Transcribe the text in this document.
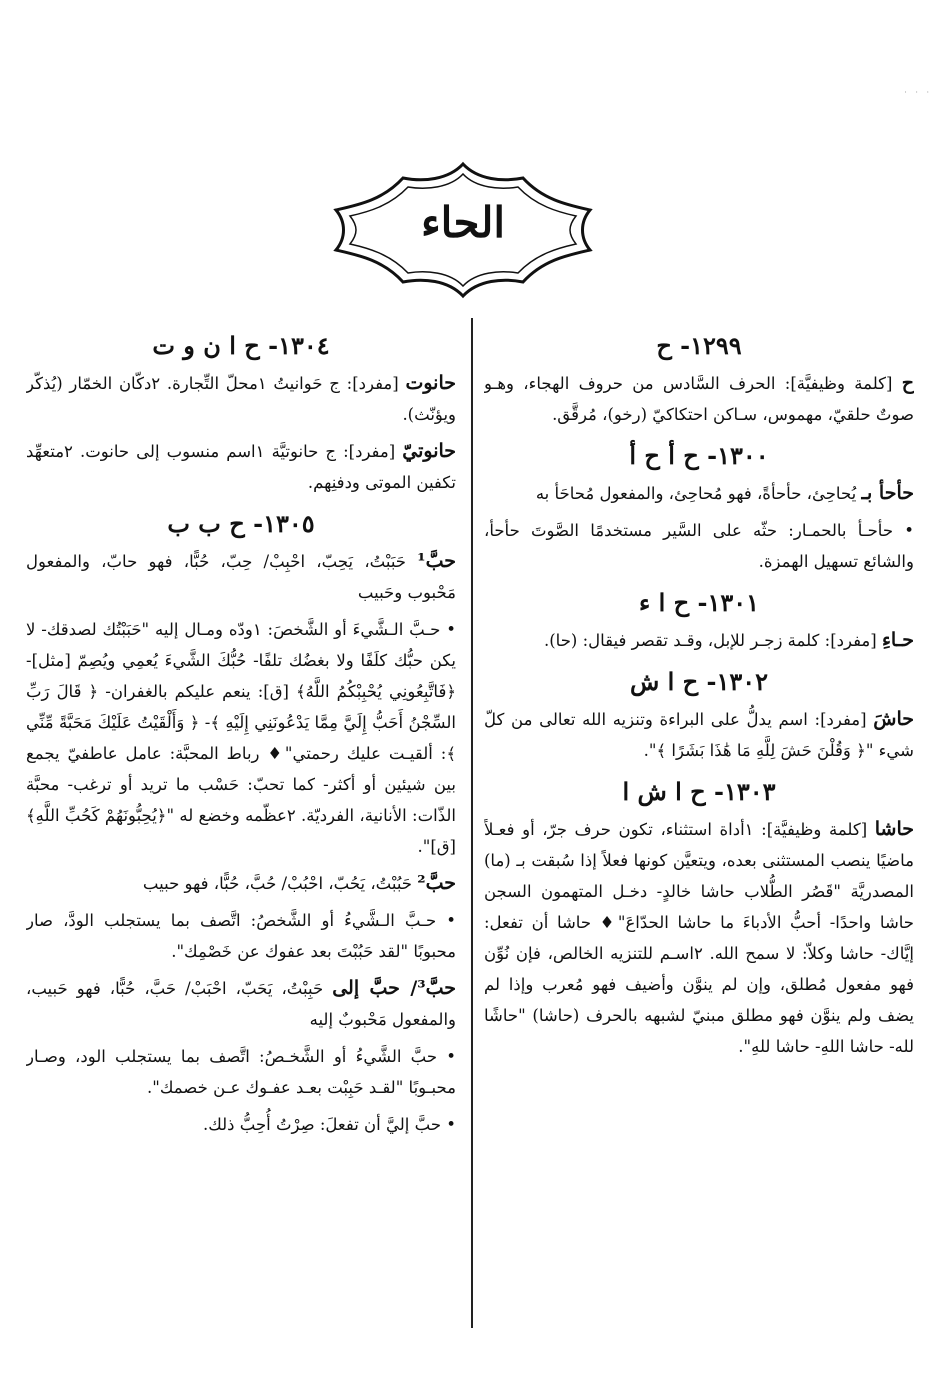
· · ·
الحاء
١٢٩٩- ح
ح [كلمة وظيفيَّة]: الحرف السَّادس من حروف الهجاء، وهـو صوتٌ حلقيّ، مهموس، سـاكن احتكاكيّ (رخو)، مُرقَّق.
١٣٠٠- ح أ ح أ
حأحأ بـ يُحاحِئ، حأحأةً، فهو مُحاحِئ، والمفعول مُحاحَأ به
• حأحـأ بالحمـار: حثّه على السَّير مستخدمًا الصَّوتَ حأحأ، والشائع تسهيل الهمزة.
١٣٠١- ح ا ء
حـاءِ [مفرد]: كلمة زجـر للإبل، وقـد تقصر فيقال: (حا).
١٣٠٢- ح ا ش
حاشَ [مفرد]: اسم يدلُّ على البراءة وتنزيه الله تعالى من كلّ شيء "﴿ وَقُلْنَ حَشَ لِلَّهِ مَا هَٰذَا بَشَرًا ﴾".
١٣٠٣- ح ا ش ا
حاشا [كلمة وظيفيَّة]: ١أداة استثناء، تكون حرف جرّ، أو فعـلاً ماضيًا ينصب المستثنى بعده، ويتعيَّن كونها فعلاً إذا سُبقت بـ (ما) المصدريَّة "قَصُر الطُّلاب حاشا خالدٍ- دخـل المتهمون السجن حاشا واحدًا- أحبُّ الأدباءَ ما حاشا الحدّاعَ"♦ حاشا أن تفعل: إيَّاك- حاشا وكلاّ: لا سمح الله. ٢اسـم للتنزيه الخالص، فإن نُوِّن فهو مفعول مُطلق، وإن لم ينوَّن وأضيف فهو مُعرب وإذا لم يضف ولم ينوَّن فهو مطلق مبنيّ لشبهه بالحرف (حاشا) "حاشًا لله- حاشا اللهِ- حاشا للهِ".
١٣٠٤- ح ا ن و ت
حانوت [مفرد]: ج حَوانيتُ ١محلّ التِّجارة. ٢دكّان الخمّار (يُذكّر ويؤنّث).
حانوتيّ [مفرد]: ج حانوتيَّة ١اسم منسوب إلى حانوت. ٢متعهِّد تكفين الموتى ودفنِهم.
١٣٠٥- ح ب ب
حبَّ¹ حَبَبْتُ، يَحِبّ، احْبِبْ/ حِبّ، حُبًّا، فهو حابّ، والمفعول مَحْبوب وحَبيب
• حـبَّ الـشَّيءَ أو الشَّخصَ: ١ودّه ومـال إليه "حَبَبْتُك لصدقك- لا يكن حبُّك كلَفًا ولا بغضُك تلفًا- حُبُّكَ الشَّيءَ يُعمِي ويُصِمّ [مثل]- ﴿فَاتَّبِعُونِي يُحْبِبْكُمُ اللَّهُ﴾ [ق]: ينعم عليكم بالغفران- ﴿ قَالَ رَبِّ السِّجْنُ أَحَبُّ إِلَيَّ مِمَّا يَدْعُونَنِي إِلَيْهِ ﴾- ﴿ وَأَلْقَيْتُ عَلَيْكَ مَحَبَّةً مِّنِّي ﴾: ألقيـت عليك رحمتي"♦ رباط المحبَّة: عامل عاطفيّ يجمع بين شيئين أو أكثر- كما تحبّ: حَسْب ما تريد أو ترغب- محبَّة الذّات: الأنانية، الفرديّة. ٢عظّمه وخضع له "﴿يُحِبُّونَهُمْ كَحُبِّ اللَّهِ﴾ [ق]".
حبَّ² حَبُبْتُ، يَحُبّ، احْبُبْ/ حُبَّ، حُبًّا، فهو حبيب
• حـبَّ الـشَّيءُ أو الشَّخصُ: اتَّصف بما يستجلب الودَّ، صار محبوبًا "لقد حَبُبْتَ بعد عفوك عن خَصْمِك".
حبَّ³/ حبَّ إلى حَبِبْتُ، يَحَبّ، احْبَبْ/ حَبَّ، حُبًّا، فهو حَبيب، والمفعول مَحْبوبٌ إليه
• حبَّ الشَّيءُ أو الشَّخـصُ: اتَّصف بما يستجلب الود، وصـار محبـوبًا "لقـد حَبِبْت بعـد عفـوك عـن خصمك".
• حبَّ إليَّ أن تفعلَ: صِرْتُ أُحِبُّ ذلك.
